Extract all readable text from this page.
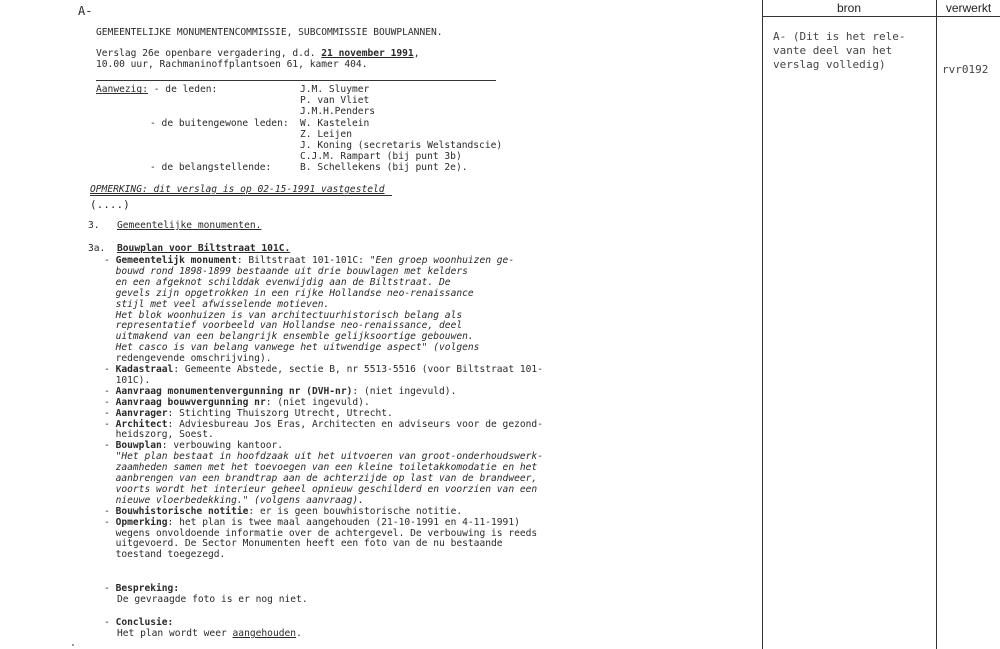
A-
GEMEENTELIJKE MONUMENTENCOMMISSIE, SUBCOMMISSIE BOUWPLANNEN.
Verslag 26e openbare vergadering, d.d. 21 november 1991,
10.00 uur, Rachmaninoffplantsoen 61, kamer 404.
Aanwezig: - de leden:	J.M. Sluymer
P. van Vliet
J.M.H.Penders
- de buitengewone leden: W. Kastelein
Z. Leijen
J. Koning (secretaris Welstandscie)
C.J.M. Rampart (bij punt 3b)
- de belangstellende:	B. Schellekens (bij punt 2e).
OPMERKING: dit verslag is op 02-15-1991 vastgesteld
(....)
3. Gemeentelijke monumenten.
3a. Bouwplan voor Biltstraat 101C.
- Gemeentelijk monument: Biltstraat 101-101C: "Een groep woonhuizen ge-
bouwd rond 1898-1899 bestaande uit drie bouwlagen met kelders
en een afgeknot schilddak evenwijdig aan de Biltstraat. De
gevels zijn opgetrokken in een rijke Hollandse neo-renaissance
stijl met veel afwisselende motieven.
Het blok woonhuizen is van architectuurhistorisch belang als
representatief voorbeeld van Hollandse neo-renaissance, deel
uitmakend van een belangrijk ensemble gelijksoortige gebouwen.
Het casco is van belang vanwege het uitwendige aspect" (volgens
redengevende omschrijving).
- Kadastraal: Gemeente Abstede, sectie B, nr 5513-5516 (voor Biltstraat 101-
101C).
- Aanvraag monumentenvergunning nr (DVH-nr): (niet ingevuld).
- Aanvraag bouwvergunning nr: (niet ingevuld).
- Aanvrager: Stichting Thuiszorg Utrecht, Utrecht.
- Architect: Adviesbureau Jos Eras, Architecten en adviseurs voor de gezond-
heidszorg, Soest.
- Bouwplan: verbouwing kantoor.
"Het plan bestaat in hoofdzaak uit het uitvoeren van groot-onderhoudswerk-
zaamheden samen met het toevoegen van een kleine toiletakkomodatie en het
aanbrengen van een brandtrap aan de achterzijde op last van de brandweer,
voorts wordt het interieur geheel opnieuw geschilderd en voorzien van een
nieuwe vloerbedekking." (volgens aanvraag).
- Bouwhistorische notitie: er is geen bouwhistorische notitie.
- Opmerking: het plan is twee maal aangehouden (21-10-1991 en 4-11-1991)
wegens onvoldoende informatie over de achtergevel. De verbouwing is reeds
uitgevoerd. De Sector Monumenten heeft een foto van de nu bestaande
toestand toegezegd.
- Bespreking:
De gevraagde foto is er nog niet.
- Conclusie:
Het plan wordt weer aangehouden.
bron	verwerkt
A- (Dit is het rele-
vante deel van het
verslag volledig)	rvr0192
